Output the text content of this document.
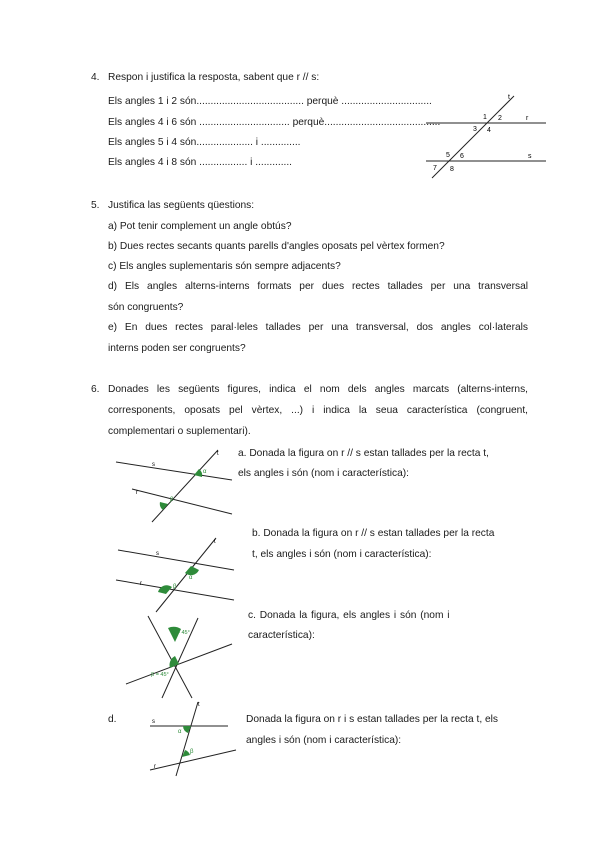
4. Respon i justifica la resposta, sabent que r // s:
Els angles 1 i 2 són...................................... perquè ................................
Els angles 4 i 6 són ................................ perquè.........................................
Els angles 5 i 4 són.................... i ..............
Els angles 4 i 8 són ................. i .............
t
r
s
1 2
3 4
5 6
7 8
5. Justifica las següents qüestions:
a) Pot tenir complement un angle obtús?
b) Dues rectes secants quants parells d'angles oposats pel vèrtex formen?
c) Els angles suplementaris són sempre adjacents?
d) Els angles alterns-interns formats per dues rectes tallades per una transversal
són congruents?
e) En dues rectes paral·leles tallades per una transversal, dos angles col·laterals
interns poden ser congruents?
6. Donades les següents figures, indica el nom dels angles marcats (alterns-interns,
corresponents, oposats pel vèrtex, ...) i indica la seua característica (congruent,
complementari o suplementari).
s
r
t
α
β
a. Donada la figura on r // s estan tallades per la recta t,
els angles i són (nom i característica):
s
r
t
α
β
b. Donada la figura on r // s estan tallades per la recta
t, els angles i són (nom i característica):
α = 45°
β = 45°
c. Donada la figura, els angles i són (nom i
característica):
d.	s
r
t
α
β
Donada la figura on r i s estan tallades per la recta t, els
angles i són (nom i característica):
